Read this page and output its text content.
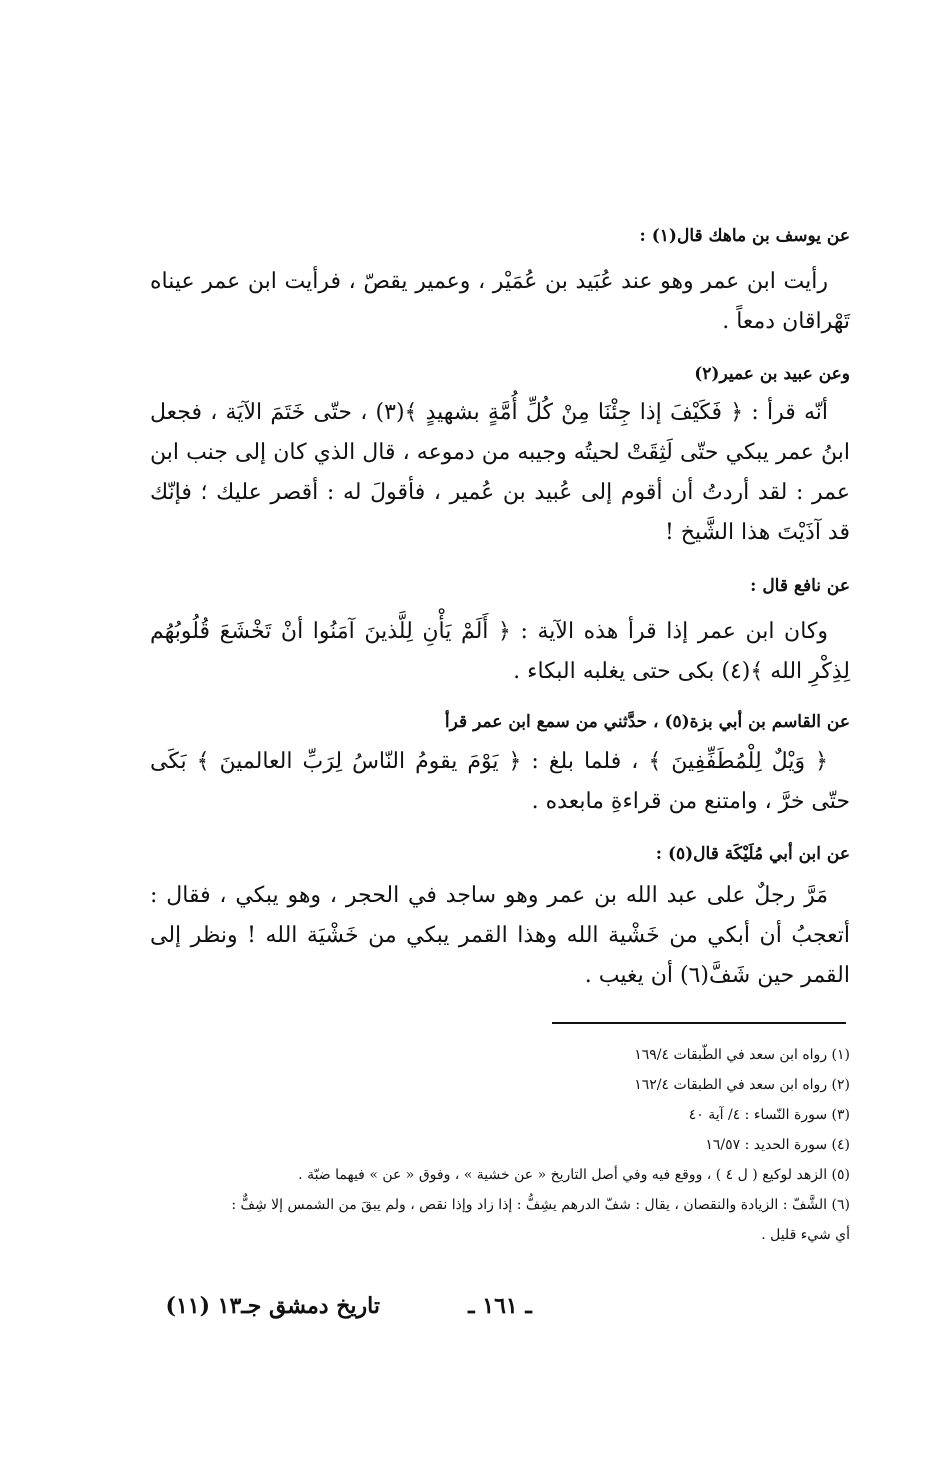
عن يوسف بن ماهك قال(١) :
رأيت ابن عمر وهو عند عُبَيد بن عُمَيْر ، وعمير يقصّ ، فرأيت ابن عمر عيناه تَهْراقان دمعاً .
وعن عبيد بن عمير(٢)
أنّه قرأ : ﴿ فَكَيْفَ إذا جِئْنَا مِنْ كُلِّ أُمَّةٍ بشهيدٍ ﴾(٣) ، حتّى خَتَمَ الآيَة ، فجعل ابنُ عمر يبكي حتّى لَثِقَتْ لحيتُه وجيبه من دموعه ، قال الذي كان إلى جنب ابن عمر : لقد أردتُ أن أقوم إلى عُبيد بن عُمير ، فأقولَ له : أقصر عليك ؛ فإنّك قد آذَيْتَ هذا الشَّيخ !
عن نافع قال :
وكان ابن عمر إذا قرأ هذه الآية : ﴿ أَلَمْ يَأْنِ لِلَّذينَ آمَنُوا أنْ تَخْشَعَ قُلُوبُهُم لِذِكْرِ الله ﴾(٤) بكى حتى يغلبه البكاء .
عن القاسم بن أبي بزة(٥) ، حدَّثني من سمع ابن عمر قرأ
﴿ وَيْلٌ لِلْمُطَفِّفِينَ ﴾ ، فلما بلغ : ﴿ يَوْمَ يقومُ النّاسُ لِرَبِّ العالمينَ ﴾ بَكَى حتّى خرَّ ، وامتنع من قراءةِ مابعده .
عن ابن أبي مُلَيْكَة قال(٥) :
مَرَّ رجلٌ على عبد الله بن عمر وهو ساجد في الحجر ، وهو يبكي ، فقال : أتعجبُ أن أبكي من خَشْية الله وهذا القمر يبكي من خَشْيَة الله ! ونظر إلى القمر حين شَفَّ(٦) أن يغيب .
(١) رواه ابن سعد في الطّبقات ١٦٩/٤
(٢) رواه ابن سعد في الطبقات ١٦٢/٤
(٣) سورة النّساء : ٤/ آية ٤٠
(٤) سورة الحديد : ١٦/٥٧
(٥) الزهد لوكيع ( ل ٤ ) ، ووقع فيه وفي أصل التاريخ « عن خشية » ، وفوق « عن » فيهما ضبّة .
(٦) الشَّفّ : الزيادة والنقصان ، يقال : شفّ الدرهم يشِفُّ : إذا زاد وإذا نقص ، ولم يبقَ من الشمس إلا شِفٌّ :
أي شيء قليل .
ـ ١٦١ ـ
تاريخ دمشق جـ١٣ (١١)
